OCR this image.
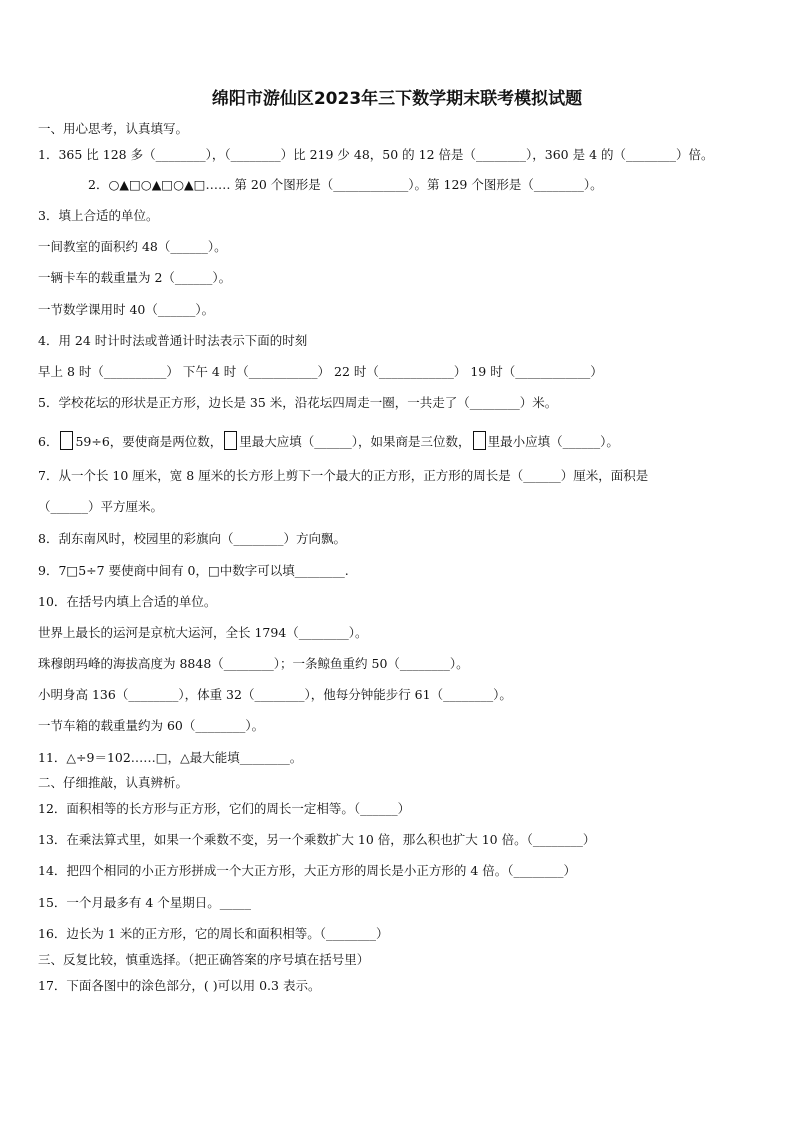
绵阳市游仙区2023年三下数学期末联考模拟试题
一、用心思考，认真填写。
1．365 比 128 多（________），（________）比 219 少 48，50 的 12 倍是（________），360 是 4 的（________）倍。
2．○▲□○▲□○▲□…… 第 20 个图形是（____________）。第 129 个图形是（________）。
3．填上合适的单位。
一间教室的面积约 48（______）。
一辆卡车的载重量为 2（______）。
一节数学课用时 40（______）。
4．用 24 时计时法或普通计时法表示下面的时刻
早上 8 时（__________） 下午 4 时（___________） 22 时（____________） 19 时（____________）
5．学校花坛的形状是正方形，边长是 35 米，沿花坛四周走一圈，一共走了（________）米。
6． 59÷6，要使商是两位数， 里最大应填（______），如果商是三位数， 里最小应填（______）。
7．从一个长 10 厘米，宽 8 厘米的长方形上剪下一个最大的正方形，正方形的周长是（______）厘米，面积是
（______）平方厘米。
8．刮东南风时，校园里的彩旗向（________）方向飘。
9．7□5÷7 要使商中间有 0，□中数字可以填________.
10．在括号内填上合适的单位。
世界上最长的运河是京杭大运河，全长 1794（________）。
珠穆朗玛峰的海拔高度为 8848（________）；一条鲸鱼重约 50（________）。
小明身高 136（________），体重 32（________），他每分钟能步行 61（________）。
一节车箱的载重量约为 60（________）。
11．△÷9＝102……□，△最大能填________。
二、仔细推敲，认真辨析。
12．面积相等的长方形与正方形，它们的周长一定相等。（______）
13．在乘法算式里，如果一个乘数不变，另一个乘数扩大 10 倍，那么积也扩大 10 倍。（________）
14．把四个相同的小正方形拼成一个大正方形，大正方形的周长是小正方形的 4 倍。（________）
15．一个月最多有 4 个星期日。_____
16．边长为 1 米的正方形，它的周长和面积相等。（________）
三、反复比较，慎重选择。（把正确答案的序号填在括号里）
17．下面各图中的涂色部分，( )可以用 0.3 表示。
